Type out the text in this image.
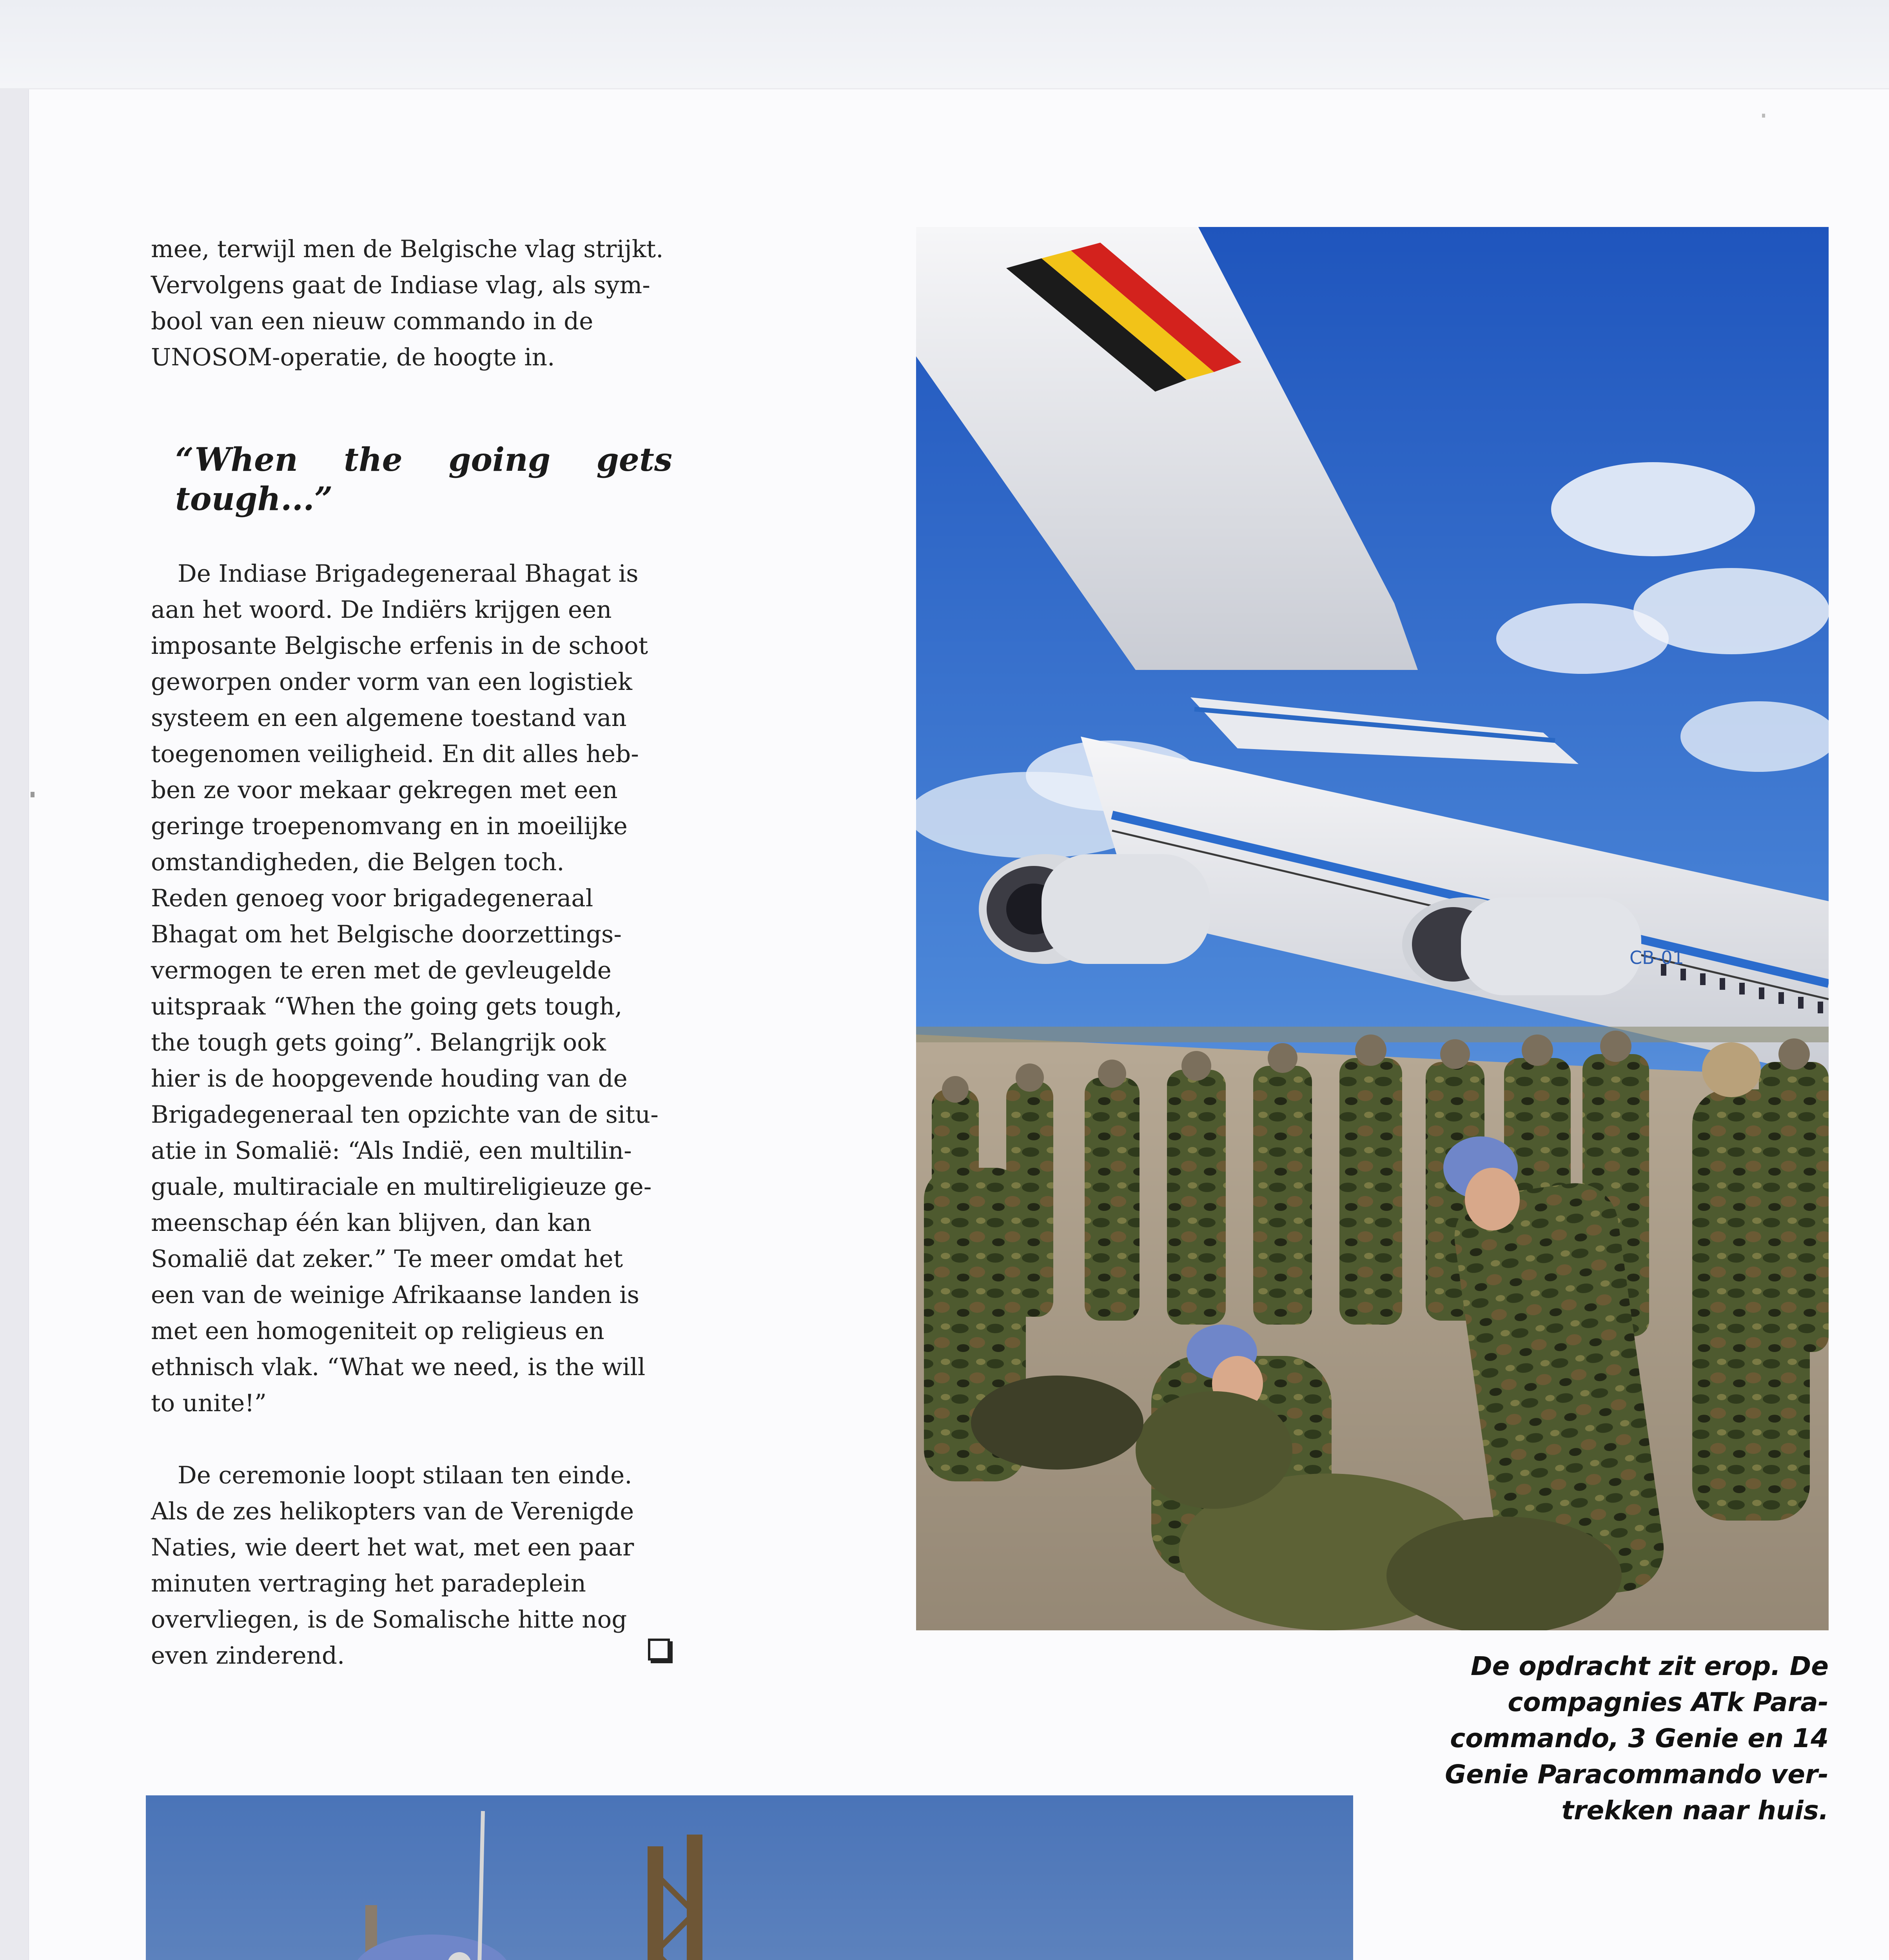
mee, terwijl men de Belgische vlag strijkt.

Vervolgens gaat de Indiase vlag, als sym-

bool van een nieuw commando in de

UNOSOM-operatie, de hoogte in.

“When the going gets tough...”

De Indiase Brigadegeneraal Bhagat is

aan het woord. De Indiërs krijgen een

imposante Belgische erfenis in de schoot

geworpen onder vorm van een logistiek

systeem en een algemene toestand van

toegenomen veiligheid. En dit alles heb-

ben ze voor mekaar gekregen met een

geringe troepenomvang en in moeilijke

omstandigheden, die Belgen toch.

Reden genoeg voor brigadegeneraal

Bhagat om het Belgische doorzettings-

vermogen te eren met de gevleugelde

uitspraak “When the going gets tough,

the tough gets going”. Belangrijk ook

hier is de hoopgevende houding van de

Brigadegeneraal ten opzichte van de situ-

atie in Somalië: “Als Indië, een multilin-

guale, multiraciale en multireligieuze ge-

meenschap één kan blijven, dan kan

Somalië dat zeker.” Te meer omdat het

een van de weinige Afrikaanse landen is

met een homogeniteit op religieus en

ethnisch vlak. “What we need, is the will

to unite!”

De ceremonie loopt stilaan ten einde.

Als de zes helikopters van de Verenigde

Naties, wie deert het wat, met een paar

minuten vertraging het paradeplein

overvliegen, is de Somalische hitte nog

even zinderend.

CB-01
De opdracht zit erop. De
compagnies ATk Para-
commando, 3 Genie en 14
Genie Paracommando ver-
trekken naar huis.
